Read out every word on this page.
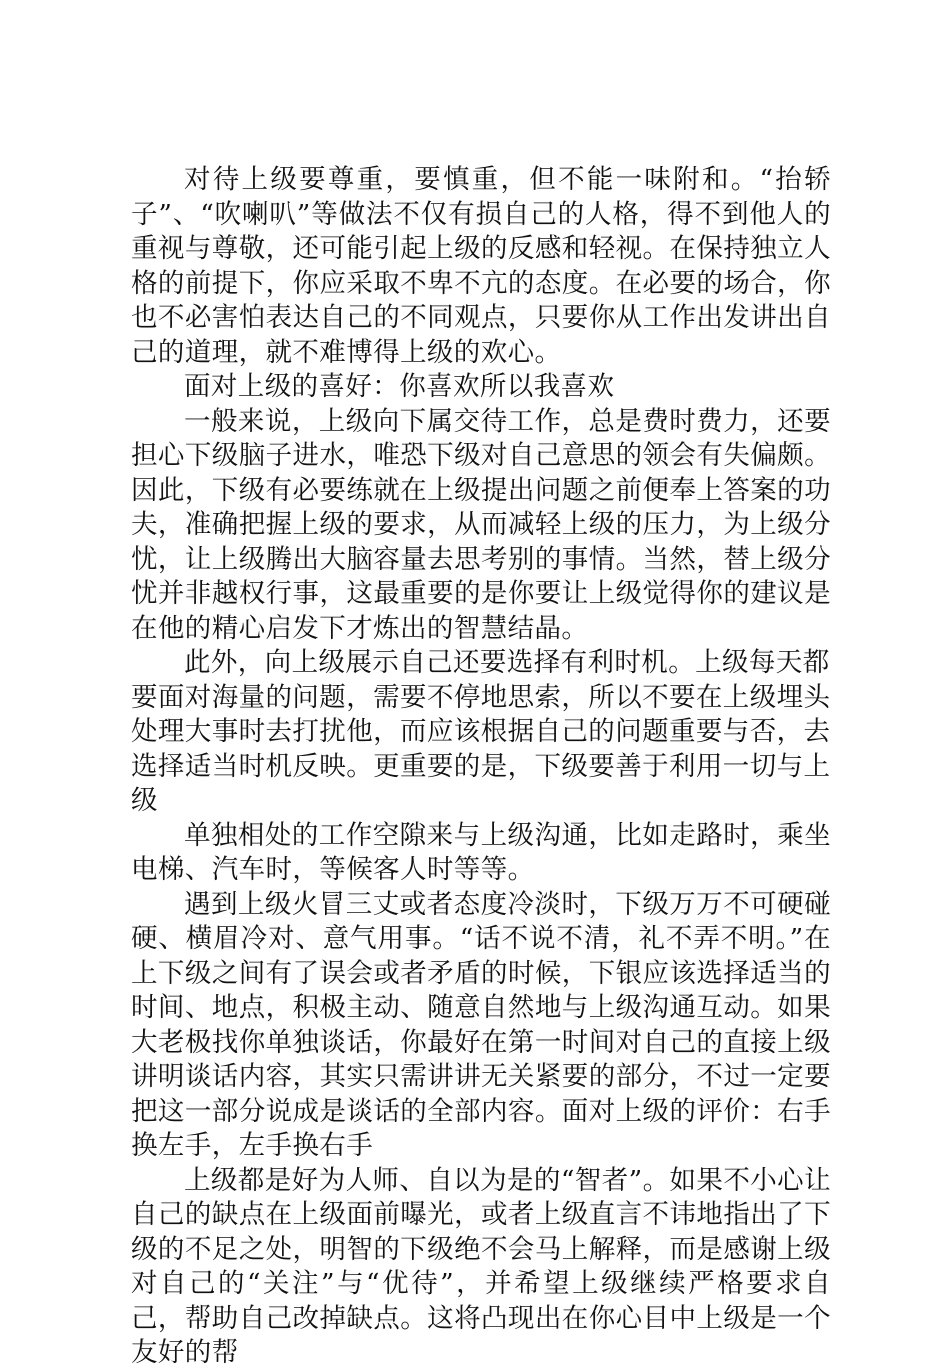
对待上级要尊重，要慎重，但不能一味附和。“抬轿子”、“吹喇叭”等做法不仅有损自己的人格，得不到他人的重视与尊敬，还可能引起上级的反感和轻视。在保持独立人格的前提下，你应采取不卑不亢的态度。在必要的场合，你也不必害怕表达自己的不同观点，只要你从工作出发讲出自己的道理，就不难博得上级的欢心。

面对上级的喜好：你喜欢所以我喜欢

一般来说，上级向下属交待工作，总是费时费力，还要担心下级脑子进水，唯恐下级对自己意思的领会有失偏颇。因此，下级有必要练就在上级提出问题之前便奉上答案的功夫，准确把握上级的要求，从而减轻上级的压力，为上级分忧，让上级腾出大脑容量去思考别的事情。当然，替上级分忧并非越权行事，这最重要的是你要让上级觉得你的建议是在他的精心启发下才炼出的智慧结晶。

此外，向上级展示自己还要选择有利时机。上级每天都要面对海量的问题，需要不停地思索，所以不要在上级埋头处理大事时去打扰他，而应该根据自己的问题重要与否，去选择适当时机反映。更重要的是，下级要善于利用一切与上级

单独相处的工作空隙来与上级沟通，比如走路时，乘坐电梯、汽车时，等候客人时等等。

遇到上级火冒三丈或者态度冷淡时，下级万万不可硬碰硬、横眉冷对、意气用事。“话不说不清，礼不弄不明。”在上下级之间有了误会或者矛盾的时候，下银应该选择适当的时间、地点，积极主动、随意自然地与上级沟通互动。如果大老极找你单独谈话，你最好在第一时间对自己的直接上级讲明谈话内容，其实只需讲讲无关紧要的部分，不过一定要把这一部分说成是谈话的全部内容。面对上级的评价：右手换左手，左手换右手

上级都是好为人师、自以为是的“智者”。如果不小心让自己的缺点在上级面前曝光，或者上级直言不讳地指出了下级的不足之处，明智的下级绝不会马上解释，而是感谢上级对自己的“关注”与“优待”，并希望上级继续严格要求自己，帮助自己改掉缺点。这将凸现出在你心目中上级是一个友好的帮
